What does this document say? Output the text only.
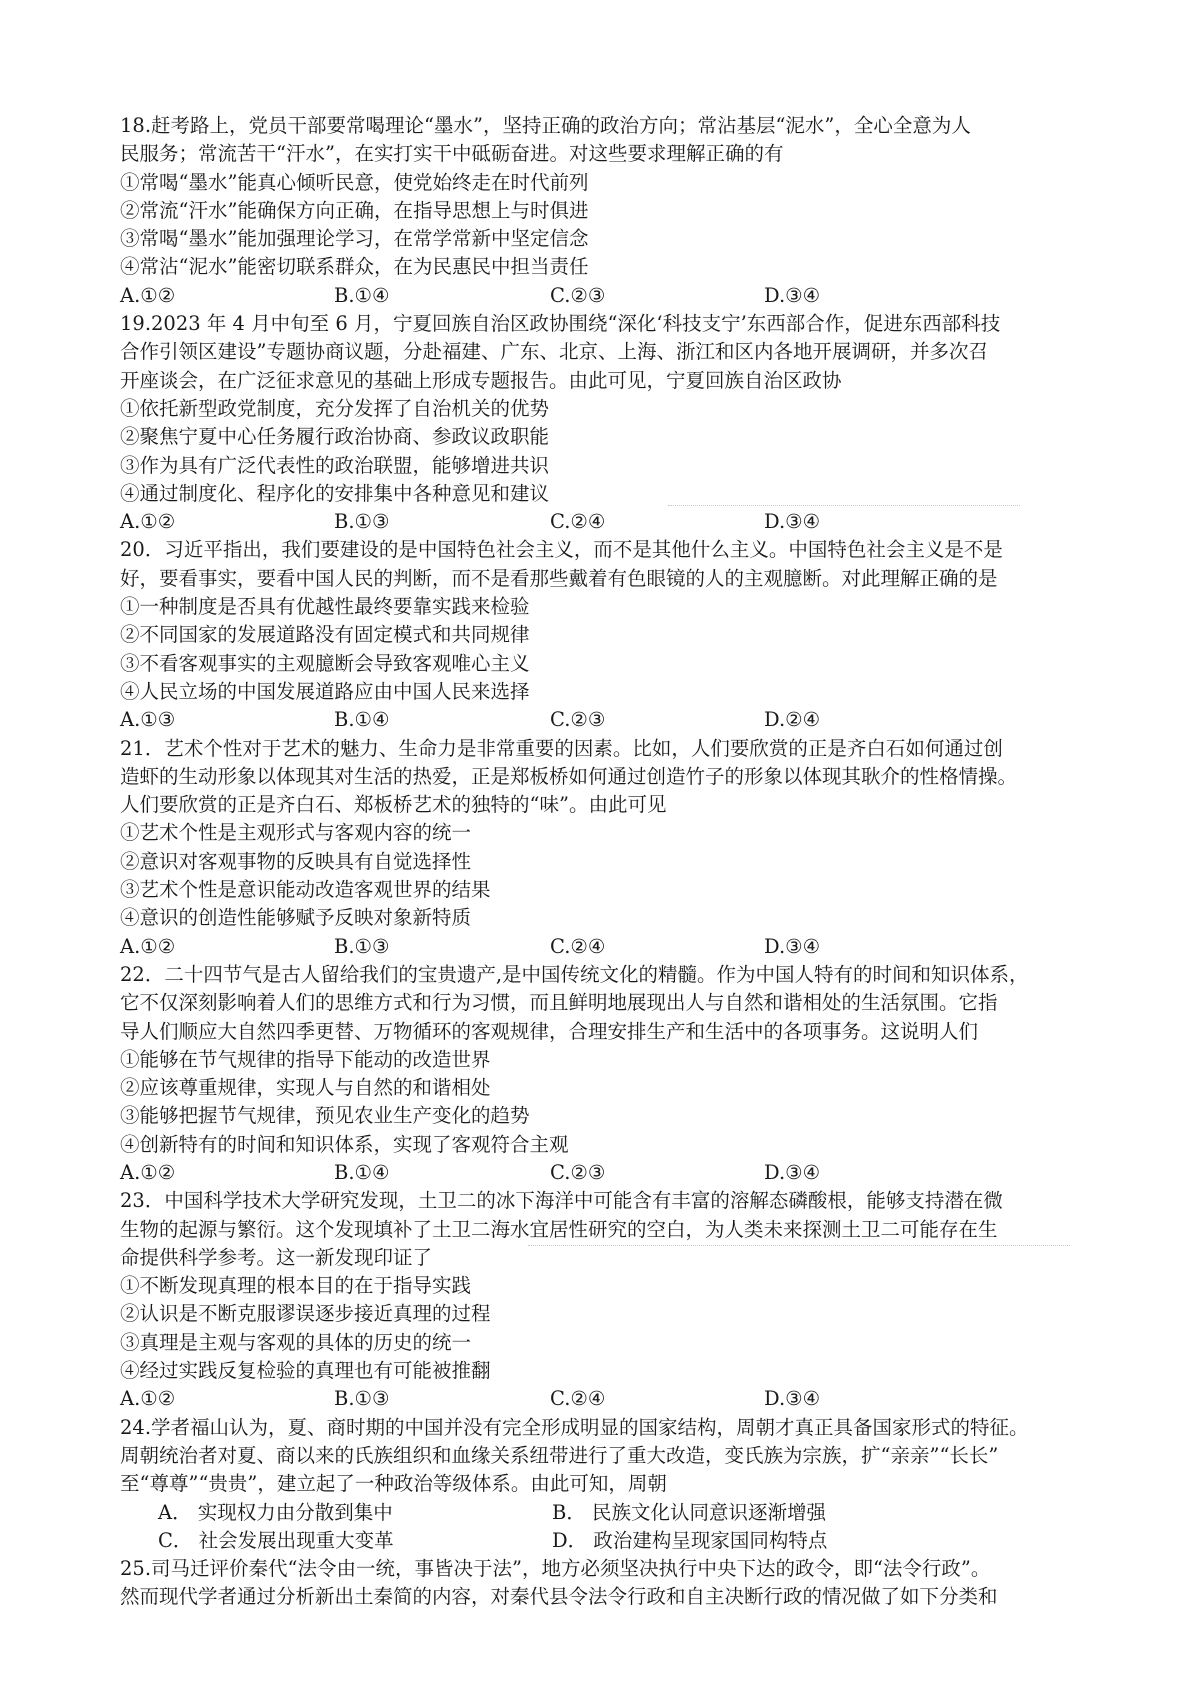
18.赶考路上，党员干部要常喝理论“墨水”，坚持正确的政治方向；常沾基层“泥水”，全心全意为人
民服务；常流苦干“汗水”，在实打实干中砥砺奋进。对这些要求理解正确的有
①常喝“墨水”能真心倾听民意，使党始终走在时代前列
②常流“汗水”能确保方向正确，在指导思想上与时俱进
③常喝“墨水”能加强理论学习，在常学常新中坚定信念
④常沾“泥水”能密切联系群众，在为民惠民中担当责任
A.①②	B.①④	C.②③	D.③④
19.2023 年 4 月中旬至 6 月，宁夏回族自治区政协围绕“深化‘科技支宁’东西部合作，促进东西部科技
合作引领区建设”专题协商议题，分赴福建、广东、北京、上海、浙江和区内各地开展调研，并多次召
开座谈会，在广泛征求意见的基础上形成专题报告。由此可见，宁夏回族自治区政协
①依托新型政党制度，充分发挥了自治机关的优势
②聚焦宁夏中心任务履行政治协商、参政议政职能
③作为具有广泛代表性的政治联盟，能够增进共识
④通过制度化、程序化的安排集中各种意见和建议
A.①②	B.①③	C.②④	D.③④
20．习近平指出，我们要建设的是中国特色社会主义，而不是其他什么主义。中国特色社会主义是不是
好，要看事实，要看中国人民的判断，而不是看那些戴着有色眼镜的人的主观臆断。对此理解正确的是
①一种制度是否具有优越性最终要靠实践来检验
②不同国家的发展道路没有固定模式和共同规律
③不看客观事实的主观臆断会导致客观唯心主义
④人民立场的中国发展道路应由中国人民来选择
A.①③	B.①④	C.②③	D.②④
21．艺术个性对于艺术的魅力、生命力是非常重要的因素。比如，人们要欣赏的正是齐白石如何通过创
造虾的生动形象以体现其对生活的热爱，正是郑板桥如何通过创造竹子的形象以体现其耿介的性格情操。
人们要欣赏的正是齐白石、郑板桥艺术的独特的“味”。由此可见
①艺术个性是主观形式与客观内容的统一
②意识对客观事物的反映具有自觉选择性
③艺术个性是意识能动改造客观世界的结果
④意识的创造性能够赋予反映对象新特质
A.①②	B.①③	C.②④	D.③④
22．二十四节气是古人留给我们的宝贵遗产,是中国传统文化的精髓。作为中国人特有的时间和知识体系，
它不仅深刻影响着人们的思维方式和行为习惯，而且鲜明地展现出人与自然和谐相处的生活氛围。它指
导人们顺应大自然四季更替、万物循环的客观规律，合理安排生产和生活中的各项事务。这说明人们
①能够在节气规律的指导下能动的改造世界
②应该尊重规律，实现人与自然的和谐相处
③能够把握节气规律，预见农业生产变化的趋势
④创新特有的时间和知识体系，实现了客观符合主观
A.①②	B.①④	C.②③	D.③④
23．中国科学技术大学研究发现，土卫二的冰下海洋中可能含有丰富的溶解态磷酸根，能够支持潜在微
生物的起源与繁衍。这个发现填补了土卫二海水宜居性研究的空白，为人类未来探测土卫二可能存在生
命提供科学参考。这一新发现印证了
①不断发现真理的根本目的在于指导实践
②认识是不断克服谬误逐步接近真理的过程
③真理是主观与客观的具体的历史的统一
④经过实践反复检验的真理也有可能被推翻
A.①②	B.①③	C.②④	D.③④
24.学者福山认为，夏、商时期的中国并没有完全形成明显的国家结构，周朝才真正具备国家形式的特征。
周朝统治者对夏、商以来的氏族组织和血缘关系纽带进行了重大改造，变氏族为宗族，扩“亲亲”“长长”
至“尊尊”“贵贵”，建立起了一种政治等级体系。由此可知，周朝
A． 实现权力由分散到集中	B． 民族文化认同意识逐渐增强
C． 社会发展出现重大变革	D． 政治建构呈现家国同构特点
25.司马迁评价秦代“法令由一统，事皆决于法”，地方必须坚决执行中央下达的政令，即“法令行政”。
然而现代学者通过分析新出土秦简的内容，对秦代县令法令行政和自主决断行政的情况做了如下分类和
